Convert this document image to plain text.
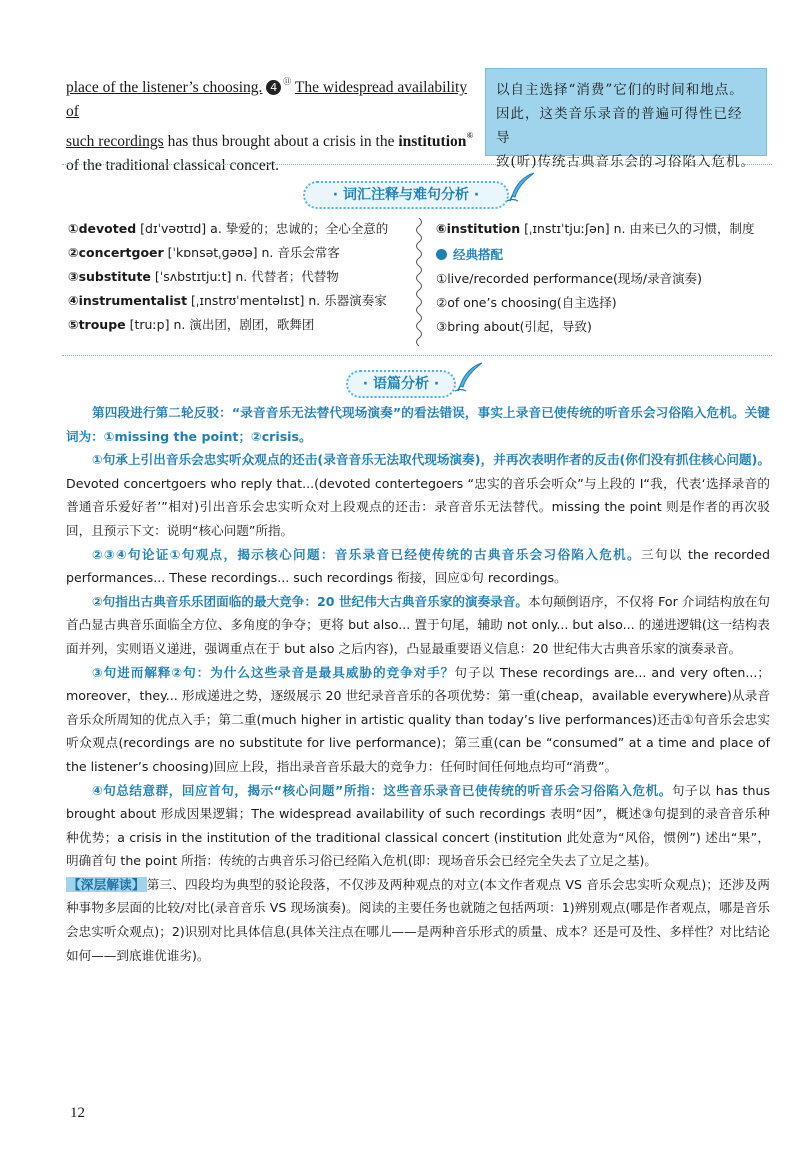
place of the listener’s choosing. 4 ⑪ The widespread availability of
such recordings has thus brought about a crisis in the institution⑥
of the traditional classical concert.
以自主选择“消费”它们的时间和地点。
因此，这类音乐录音的普遍可得性已经导
致(听)传统古典音乐会的习俗陷入危机。
· 词汇注释与难句分析 ·
①devoted [dɪˈvəʊtɪd] a. 挚爱的；忠诚的；全心全意的
②concertgoer [ˈkɒnsətˌɡəʊə] n. 音乐会常客
③substitute [ˈsʌbstɪtjuːt] n. 代替者；代替物
④instrumentalist [ˌɪnstrʊˈmentəlɪst] n. 乐器演奏家
⑤troupe [truːp] n. 演出团，剧团，歌舞团
⑥institution [ˌɪnstɪˈtjuːʃən] n. 由来已久的习惯，制度
经典搭配
①live/recorded performance(现场/录音演奏)
②of one’s choosing(自主选择)
③bring about(引起，导致)
· 语篇分析 ·

第四段进行第二轮反驳：“录音音乐无法替代现场演奏”的看法错误，事实上录音已使传统的听音乐会习俗陷入危机。关键词为：①missing the point；②crisis。

①句承上引出音乐会忠实听众观点的还击(录音音乐无法取代现场演奏)，并再次表明作者的反击(你们没有抓住核心问题)。Devoted concertgoers who reply that...(devoted contertegoers “忠实的音乐会听众”与上段的 I“我，代表‘选择录音的普通音乐爱好者’”相对)引出音乐会忠实听众对上段观点的还击：录音音乐无法替代。missing the point 则是作者的再次驳回，且预示下文：说明“核心问题”所指。

②③④句论证①句观点，揭示核心问题：音乐录音已经使传统的古典音乐会习俗陷入危机。三句以 the recorded performances... These recordings... such recordings 衔接，回应①句 recordings。

②句指出古典音乐乐团面临的最大竞争：20 世纪伟大古典音乐家的演奏录音。本句颠倒语序，不仅将 For 介词结构放在句首凸显古典音乐面临全方位、多角度的争夺；更将 but also... 置于句尾，辅助 not only... but also... 的递进逻辑(这一结构表面并列，实则语义递进，强调重点在于 but also 之后内容)，凸显最重要语义信息：20 世纪伟大古典音乐家的演奏录音。

③句进而解释②句：为什么这些录音是最具威胁的竞争对手？句子以 These recordings are... and very often...；moreover，they... 形成递进之势，逐级展示 20 世纪录音音乐的各项优势：第一重(cheap，available everywhere)从录音音乐众所周知的优点入手；第二重(much higher in artistic quality than today’s live performances)还击①句音乐会忠实听众观点(recordings are no substitute for live performance)；第三重(can be “consumed” at a time and place of the listener’s choosing)回应上段，指出录音音乐最大的竞争力：任何时间任何地点均可“消费”。

④句总结意群，回应首句，揭示“核心问题”所指：这些音乐录音已使传统的听音乐会习俗陷入危机。句子以 has thus brought about 形成因果逻辑；The widespread availability of such recordings 表明“因”，概述③句提到的录音音乐种种优势；a crisis in the institution of the traditional classical concert (institution 此处意为“风俗，惯例”) 述出“果”，明确首句 the point 所指：传统的古典音乐习俗已经陷入危机(即：现场音乐会已经完全失去了立足之基)。

【深层解读】 第三、四段均为典型的驳论段落，不仅涉及两种观点的对立(本文作者观点 VS 音乐会忠实听众观点)；还涉及两种事物多层面的比较/对比(录音音乐 VS 现场演奏)。阅读的主要任务也就随之包括两项：1)辨别观点(哪是作者观点，哪是音乐会忠实听众观点)；2)识别对比具体信息(具体关注点在哪儿——是两种音乐形式的质量、成本？还是可及性、多样性？对比结论如何——到底谁优谁劣)。

12
